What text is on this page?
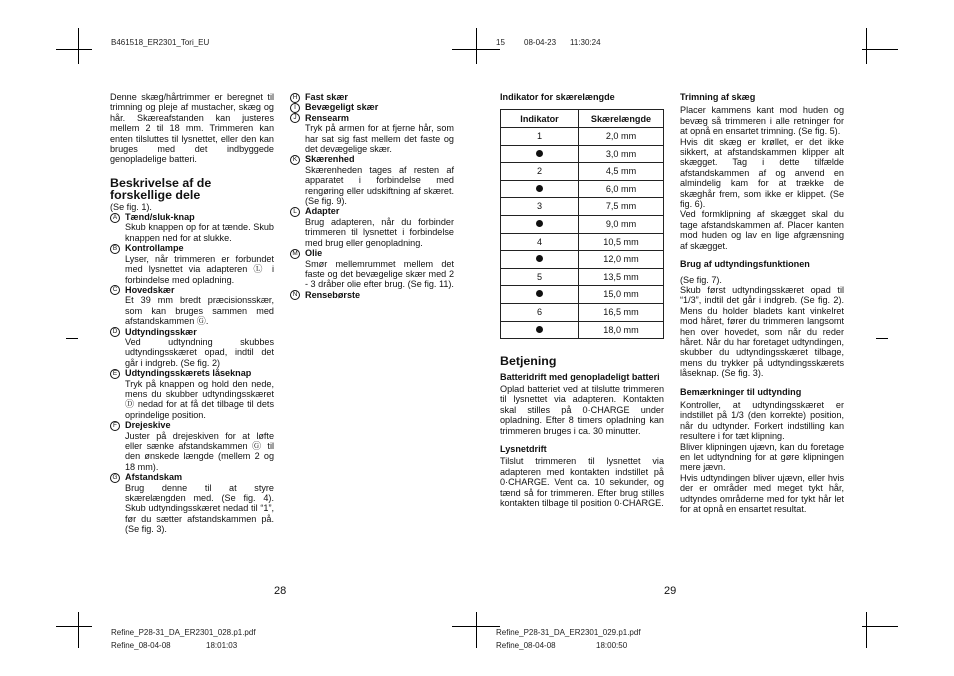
B461518_ER2301_Tori_EU	15 08-04-23 11:30:24

Denne skæg/hårtrimmer er beregnet til trimning og pleje af mustacher, skæg og hår. Skæreafstanden kan justeres mellem 2 til 18 mm. Trimmeren kan enten tilsluttes til lysnettet, eller den kan bruges med det indbyggede genopladelige batteri.

Beskrivelse af de forskellige dele

(Se fig. 1).

A Tænd/sluk-knap
Skub knappen op for at tænde. Skub knappen ned for at slukke.
B Kontrollampe
Lyser, når trimmeren er forbundet med lysnettet via adapteren Ⓛ i forbindelse med opladning.
C Hovedskær
Et 39 mm bredt præcisionsskær, som kan bruges sammen med afstandskammen Ⓖ.
D Udtyndingsskær
Ved udtyndning skubbes udtyndingsskæret opad, indtil det går i indgreb. (Se fig. 2)
E Udtyndingsskærets låseknap
Tryk på knappen og hold den nede, mens du skubber udtyndingsskæret Ⓓ nedad for at få det tilbage til dets oprindelige position.
F Drejeskive
Juster på drejeskiven for at løfte eller sænke afstandskammen Ⓖ til den ønskede længde (mellem 2 og 18 mm).
G Afstandskam
Brug denne til at styre skærelængden med. (Se fig. 4). Skub udtyndingsskæret nedad til “1”, før du sætter afstandskammen på. (Se fig. 3).
H Fast skær
I	Bevægeligt skær
J Rensearm
Tryk på armen for at fjerne hår, som har sat sig fast mellem det faste og det devægelige skær.
K Skærenhed
Skærenheden tages af resten af apparatet i forbindelse med rengøring eller udskiftning af skæret. (Se fig. 9).
L Adapter
Brug adapteren, når du forbinder trimmeren til lysnettet i forbindelse med brug eller genopladning.
M Olie
Smør mellemrummet mellem det faste og det bevægelige skær med 2 - 3 dråber olie efter brug. (Se fig. 11).
N Rensebørste

Indikator for skærelængde

Indikator	Skærelængde
1	2,0 mm
	3,0 mm
2	4,5 mm
	6,0 mm
3	7,5 mm
	9,0 mm
4	10,5 mm
	12,0 mm
5	13,5 mm
	15,0 mm
6	16,5 mm
	18,0 mm
Betjening

Batteridrift med genopladeligt batteri

Oplad batteriet ved at tilslutte trimmeren til lysnettet via adapteren. Kontakten skal stilles på 0·CHARGE under opladning. Efter 8 timers opladning kan trimmeren bruges i ca. 30 minutter.

Lysnetdrift

Tilslut trimmeren til lysnettet via adapteren med kontakten indstillet på 0·CHARGE. Vent ca. 10 sekunder, og tænd så for trimmeren. Efter brug stilles kontakten tilbage til position 0·CHARGE.

Trimning af skæg

Placer kammens kant mod huden og bevæg så trimmeren i alle retninger for at opnå en ensartet trimning. (Se fig. 5).

Hvis dit skæg er krøllet, er det ikke sikkert, at afstandskammen klipper alt skægget. Tag i dette tilfælde afstandskammen af og anvend en almindelig kam for at trække de skæghår frem, som ikke er klippet. (Se fig. 6).

Ved formklipning af skægget skal du tage afstandskammen af. Placer kanten mod huden og lav en lige afgrænsning af skægget.

Brug af udtyndingsfunktionen

(Se fig. 7).

Skub først udtyndingsskæret opad til “1/3”, indtil det går i indgreb. (Se fig. 2). Mens du holder bladets kant vinkelret mod håret, fører du trimmeren langsomt hen over hovedet, som når du reder håret. Når du har foretaget udtyndingen, skubber du udtyndingsskæret tilbage, mens du trykker på udtyndingsskærets låseknap. (Se fig. 3).

Bemærkninger til udtynding

Kontroller, at udtyndingsskæret er indstillet på 1/3 (den korrekte) position, når du udtynder. Forkert indstilling kan resultere i for tæt klipning.

Bliver klipningen ujævn, kan du foretage en let udtyndning for at gøre klipningen mere jævn.

Hvis udtyndingen bliver ujævn, eller hvis der er områder med meget tykt hår, udtyndes områderne med for tykt hår let for at opnå en ensartet resultat.

28	29
Refine_P28-31_DA_ER2301_028.p1.pdf
Refine_08-04-08	18:01:03
Refine_P28-31_DA_ER2301_029.p1.pdf
Refine_08-04-08	18:00:50
